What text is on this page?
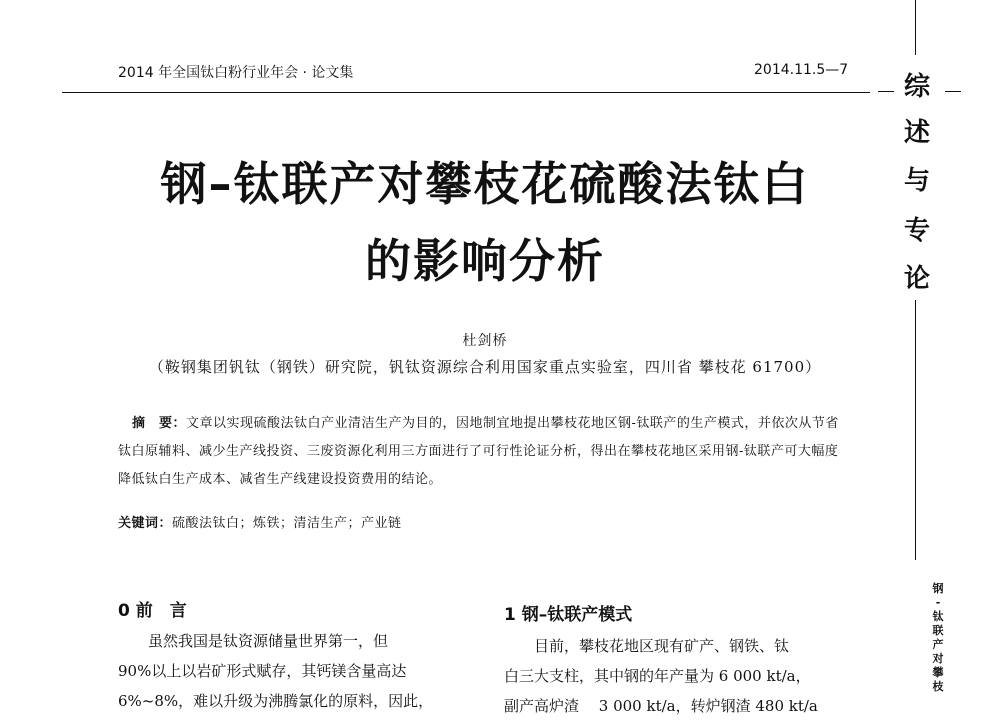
2014 年全国钛白粉行业年会 · 论文集	2014.11.5—7
钢–钛联产对攀枝花硫酸法钛白
的影响分析
杜剑桥
（鞍钢集团钒钛（钢铁）研究院，钒钛资源综合利用国家重点实验室，四川省 攀枝花 61700）
摘　要：文章以实现硫酸法钛白产业清洁生产为目的，因地制宜地提出攀枝花地区钢-钛联产的生产模式，并依次从节省钛白原辅料、减少生产线投资、三废资源化利用三方面进行了可行性论证分析，得出在攀枝花地区采用钢-钛联产可大幅度降低钛白生产成本、减省生产线建设投资费用的结论。
关键词：硫酸法钛白；炼铁；清洁生产；产业链
0 前　言

虽然我国是钛资源储量世界第一，但

90%以上以岩矿形式赋存，其钙镁含量高达

6%~8%，难以升级为沸腾氯化的原料，因此，

1 钢–钛联产模式

目前，攀枝花地区现有矿产、钢铁、钛

白三大支柱，其中钢的年产量为 6 000 kt/a，

副产高炉渣　 3 000 kt/a，转炉钢渣 480 kt/a

综
述
与
专
论
钢
-
钛
联
产
对
攀
枝
